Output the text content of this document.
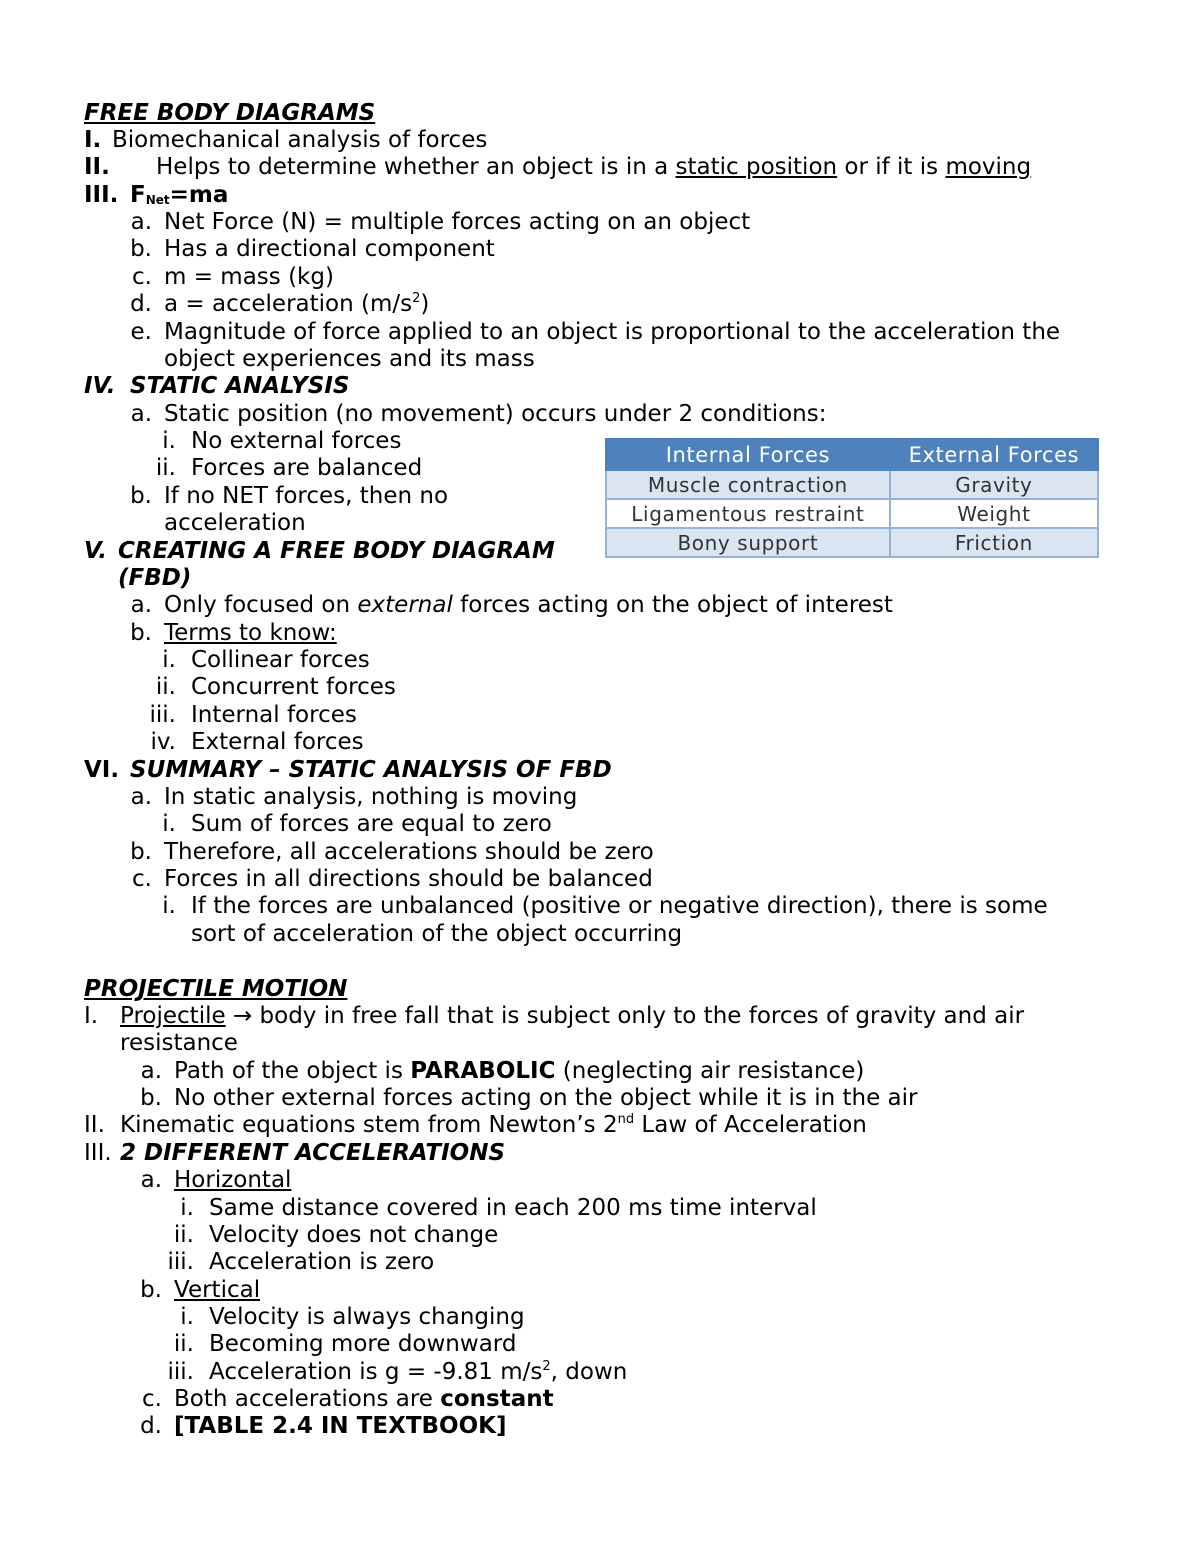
FREE BODY DIAGRAMS
I. Biomechanical analysis of forces
II. Helps to determine whether an object is in a static position or if it is moving
III. $F_{Net}=ma$
a. Net Force (N) = multiple forces acting on an object
b. Has a directional component
c. m = mass (kg)
d. a = acceleration $(m/s^2)$
e. Magnitude of force applied to an object is proportional to the acceleration the
object experiences and its mass
IV. STATIC ANALYSIS
a. Static position (no movement) occurs under 2 conditions:
i. No external forces
ii. Forces are balanced
b. If no NET forces, then no
acceleration
V. CREATING A FREE BODY DIAGRAM
(FBD)
a. Only focused on external forces acting on the object of interest
b. Terms to know:
i. Collinear forces
ii. Concurrent forces
iii. Internal forces
iv. External forces
VI. SUMMARY – STATIC ANALYSIS OF FBD
a. In static analysis, nothing is moving
i. Sum of forces are equal to zero
b. Therefore, all accelerations should be zero
c. Forces in all directions should be balanced
i. If the forces are unbalanced (positive or negative direction), there is some
sort of acceleration of the object occurring
Internal Forces	External Forces
Muscle contraction	Gravity
Ligamentous restraint	Weight
Bony support	Friction
PROJECTILE MOTION
I. Projectile → body in free fall that is subject only to the forces of gravity and air
resistance
a. Path of the object is PARABOLIC (neglecting air resistance)
b. No other external forces acting on the object while it is in the air
II. Kinematic equations stem from Newton’s 2nd Law of Acceleration
III. 2 DIFFERENT ACCELERATIONS
a. Horizontal
i. Same distance covered in each 200 ms time interval
ii. Velocity does not change
iii. Acceleration is zero
b. Vertical
i. Velocity is always changing
ii. Becoming more downward
iii. Acceleration is g = -9.81 $m/s^2$, down
c. Both accelerations are constant
d. [TABLE 2.4 IN TEXTBOOK]
